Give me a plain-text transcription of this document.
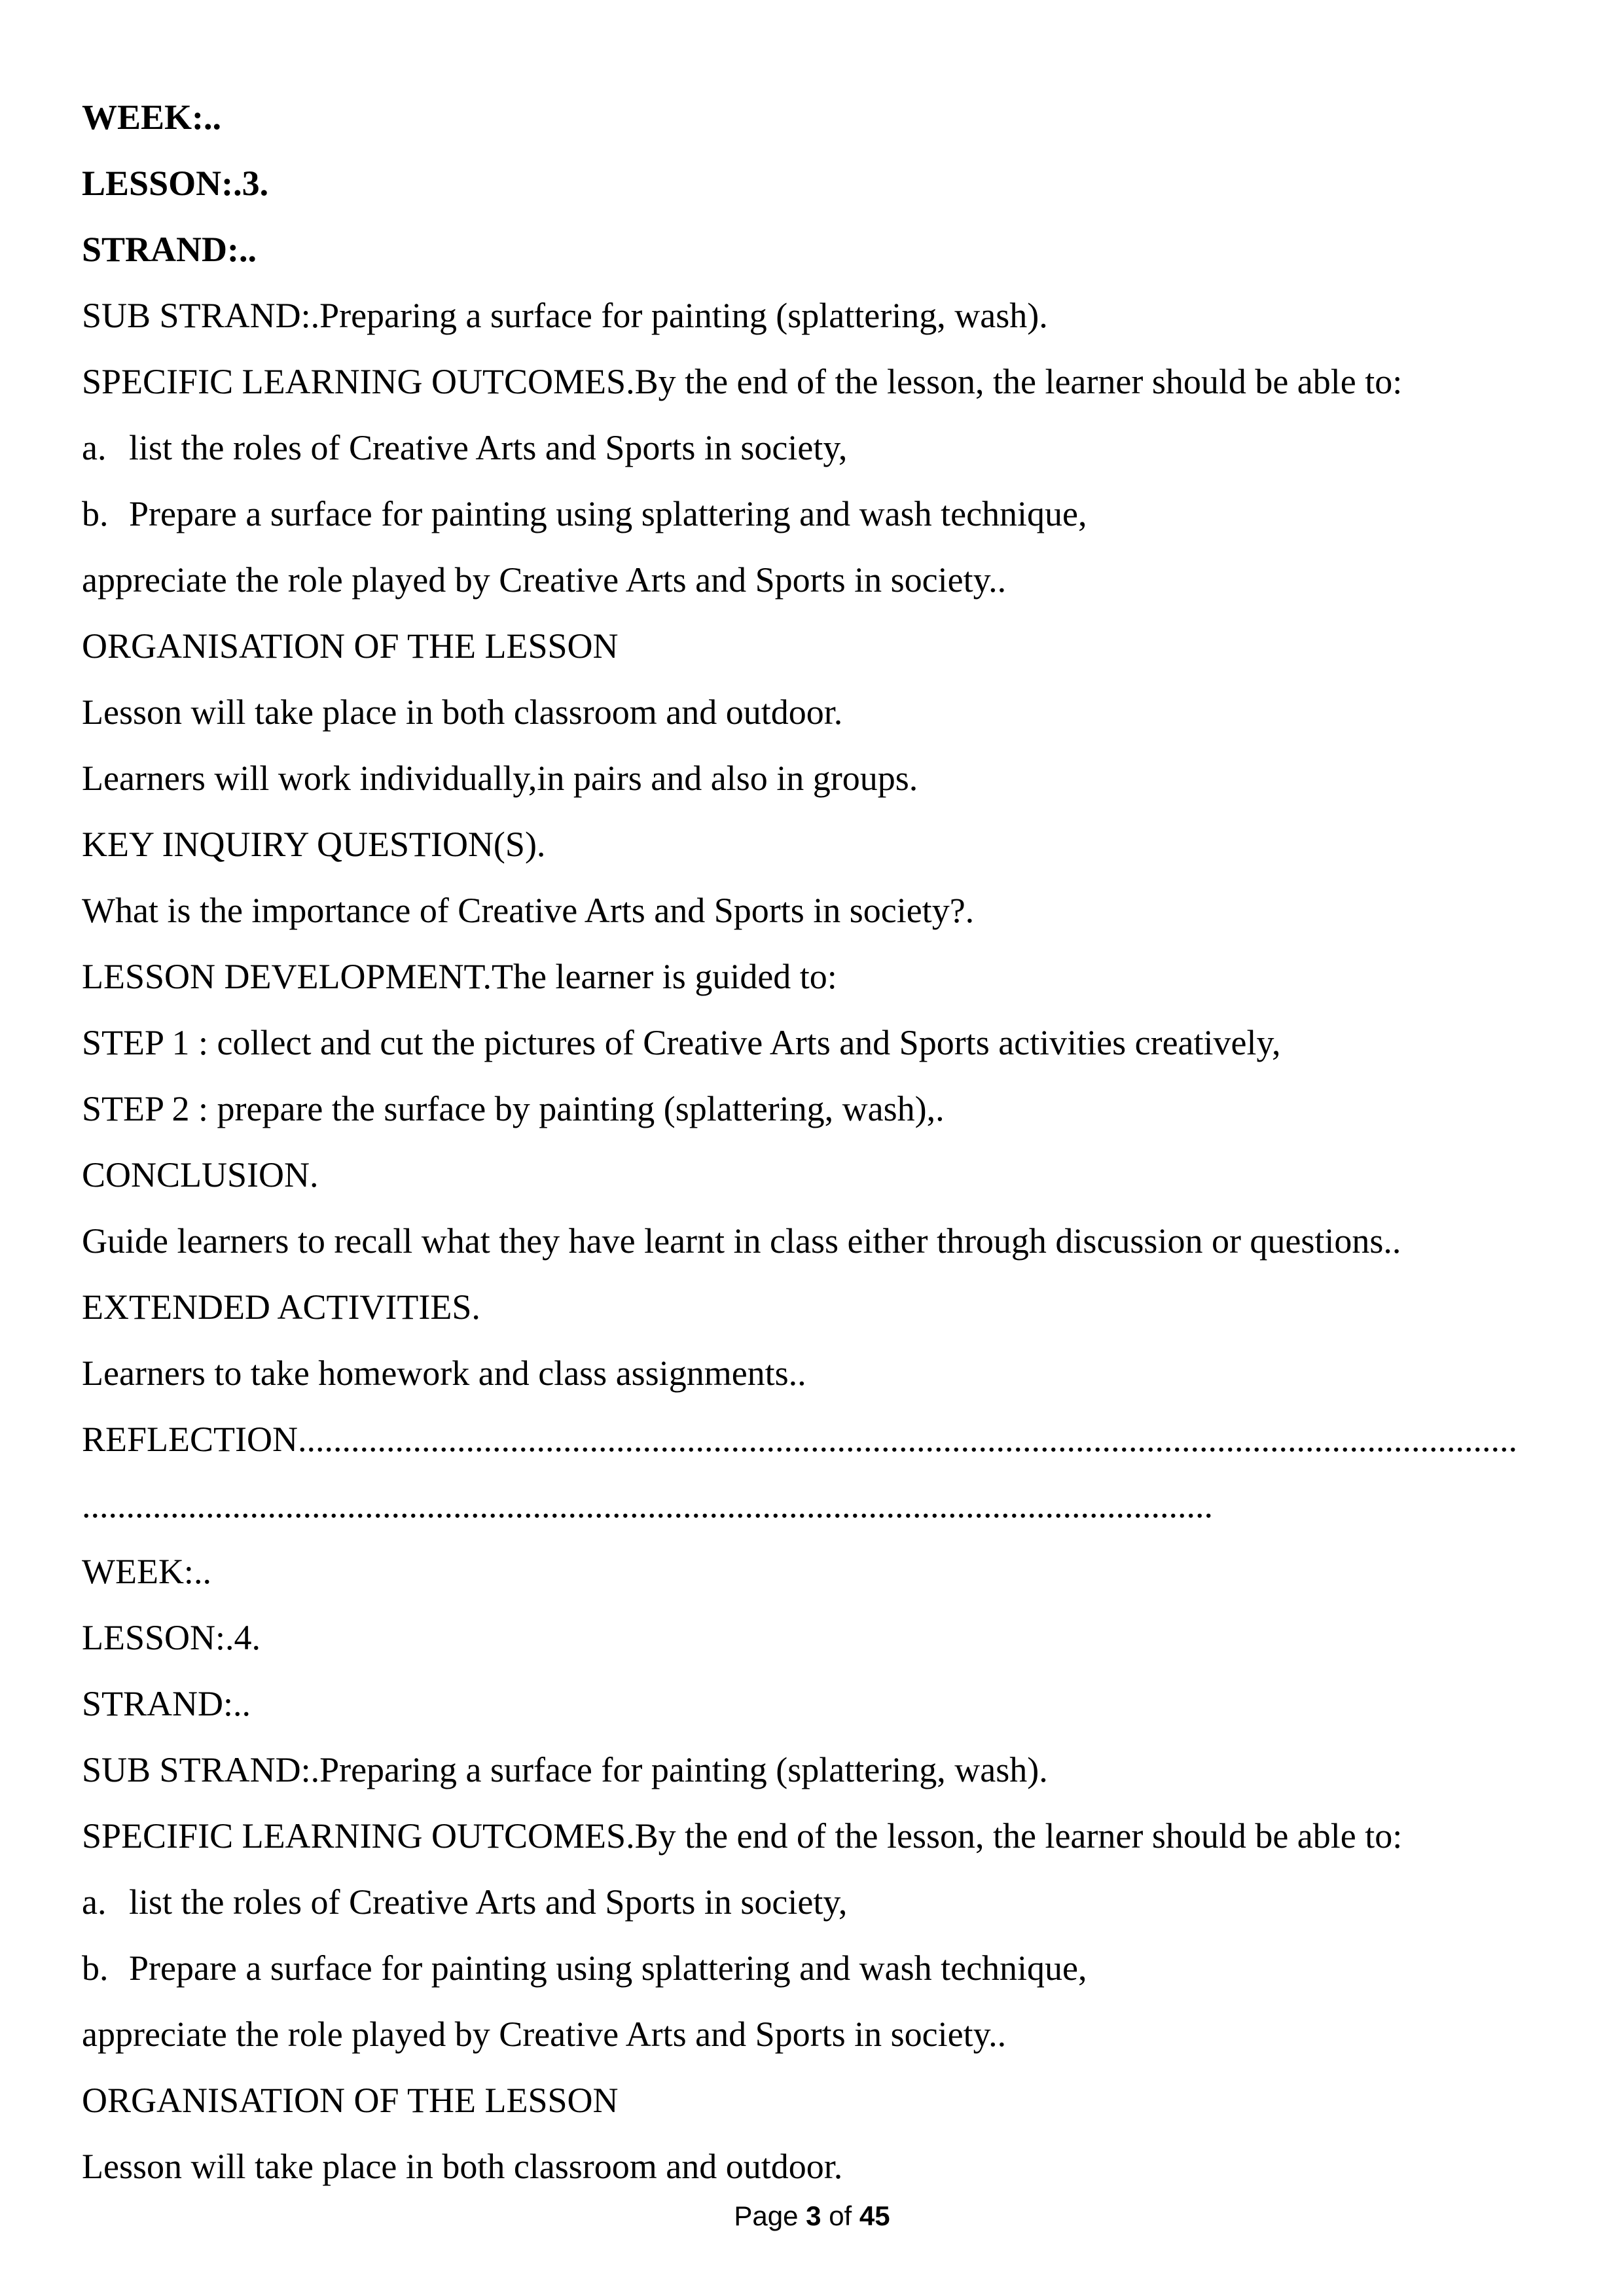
WEEK:..

LESSON:.3.

STRAND:..

SUB STRAND:.Preparing a surface for painting (splattering, wash).

SPECIFIC LEARNING OUTCOMES.By the end of the lesson, the learner should be able to:

a. list the roles of Creative Arts and Sports in society,

b. Prepare a surface for painting using splattering and wash technique,

appreciate the role played by Creative Arts and Sports in society..

ORGANISATION OF THE LESSON

Lesson will take place in both classroom and outdoor.

Learners will work individually,in pairs and also in groups.

KEY INQUIRY QUESTION(S).

What is the importance of Creative Arts and Sports in society?.

LESSON DEVELOPMENT.The learner is guided to:

STEP 1 : collect and cut the pictures of Creative Arts and Sports activities creatively,

STEP 2 : prepare the surface by painting (splattering, wash),.

CONCLUSION.

Guide learners to recall what they have learnt in class either through discussion or questions..

EXTENDED ACTIVITIES.

Learners to take homework and class assignments..

REFLECTION..........................................................................................................................................

................................................................................................................................

WEEK:..

LESSON:.4.

STRAND:..

SUB STRAND:.Preparing a surface for painting (splattering, wash).

SPECIFIC LEARNING OUTCOMES.By the end of the lesson, the learner should be able to:

a. list the roles of Creative Arts and Sports in society,

b. Prepare a surface for painting using splattering and wash technique,

appreciate the role played by Creative Arts and Sports in society..

ORGANISATION OF THE LESSON

Lesson will take place in both classroom and outdoor.

Page 3 of 45
